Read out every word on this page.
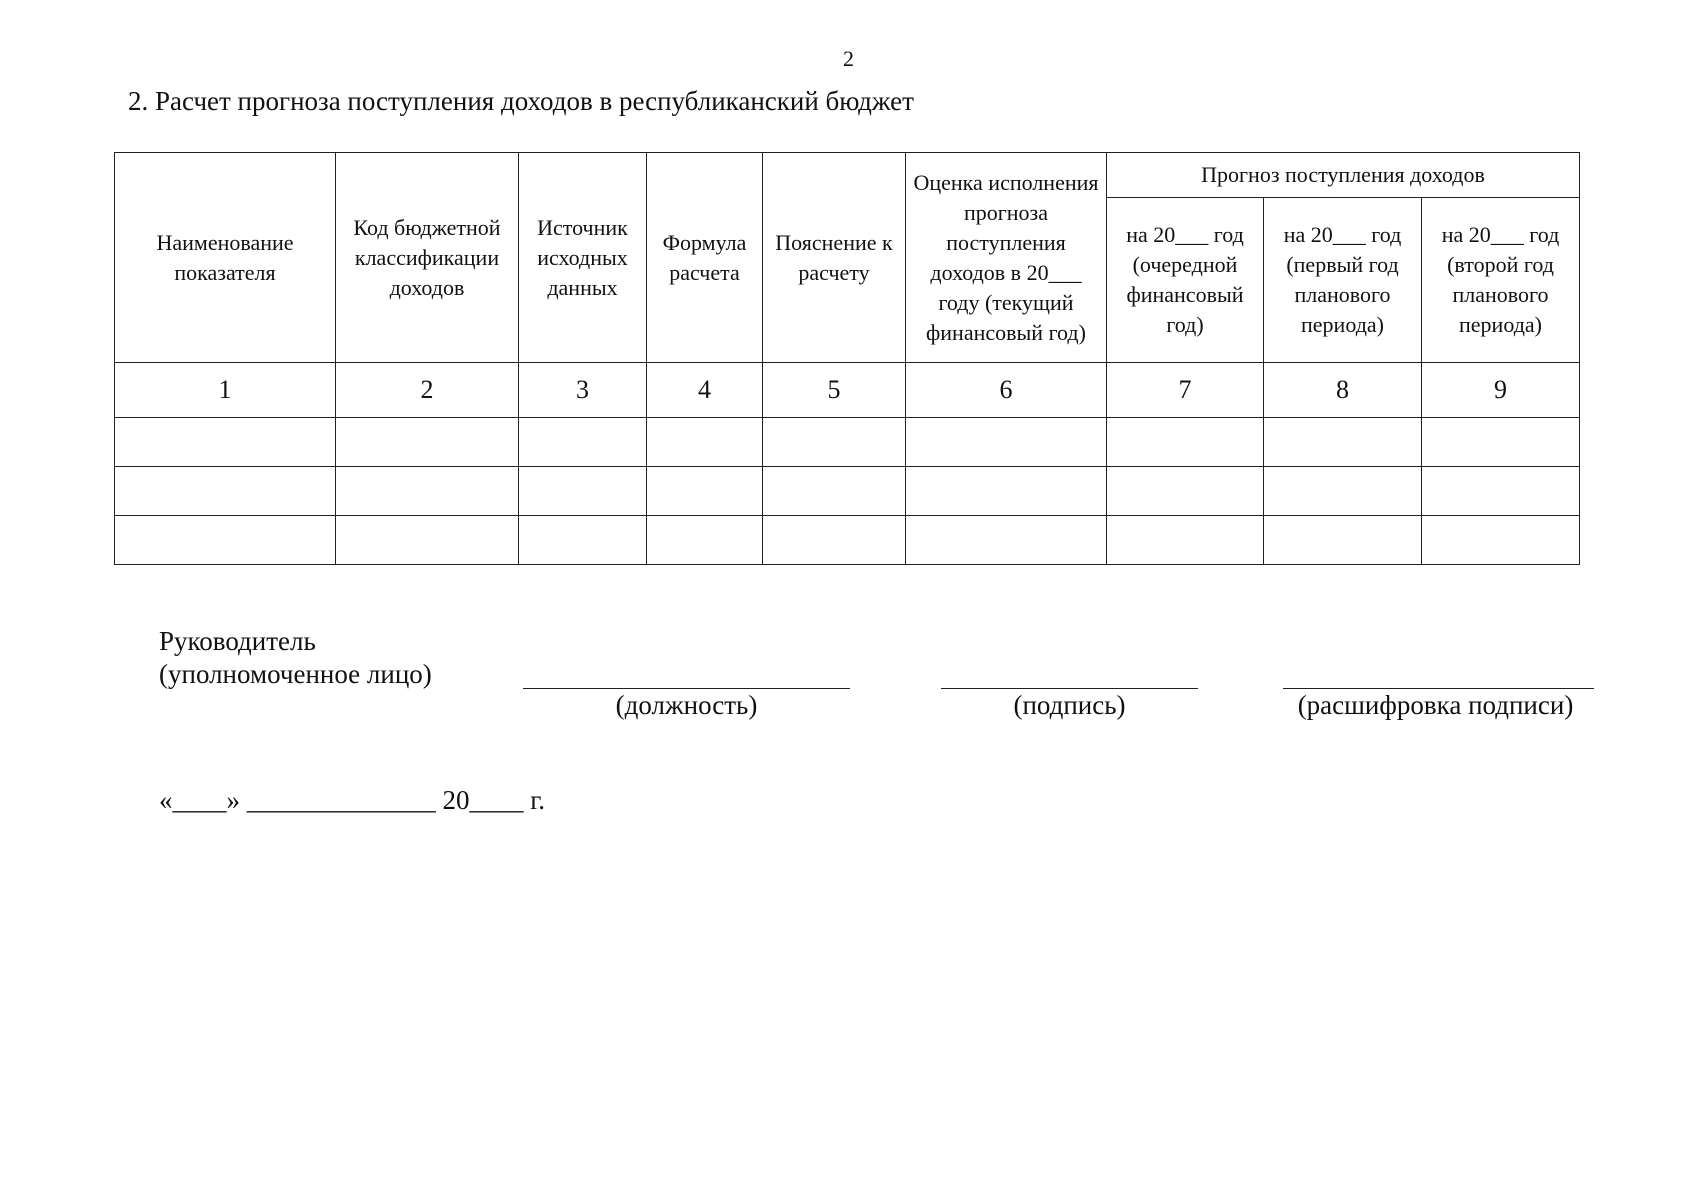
2
2. Расчет прогноза поступления доходов в республиканский бюджет
Наименование показателя	Код бюджетной классификации доходов	Источник исходных данных	Формула расчета	Пояснение к расчету	Оценка исполнения прогноза поступления доходов в 20___ году (текущий финансовый год)	Прогноз поступления доходов		
						на 20___ год (очередной финансовый год)	на 20___ год (первый год планового периода)	на 20___ год (второй год планового периода)
1	2	3	4	5	6	7	8	9

Руководитель
(уполномоченное лицо)
(должность)	(подпись)	(расшифровка подписи)
«____» ______________ 20____ г.
